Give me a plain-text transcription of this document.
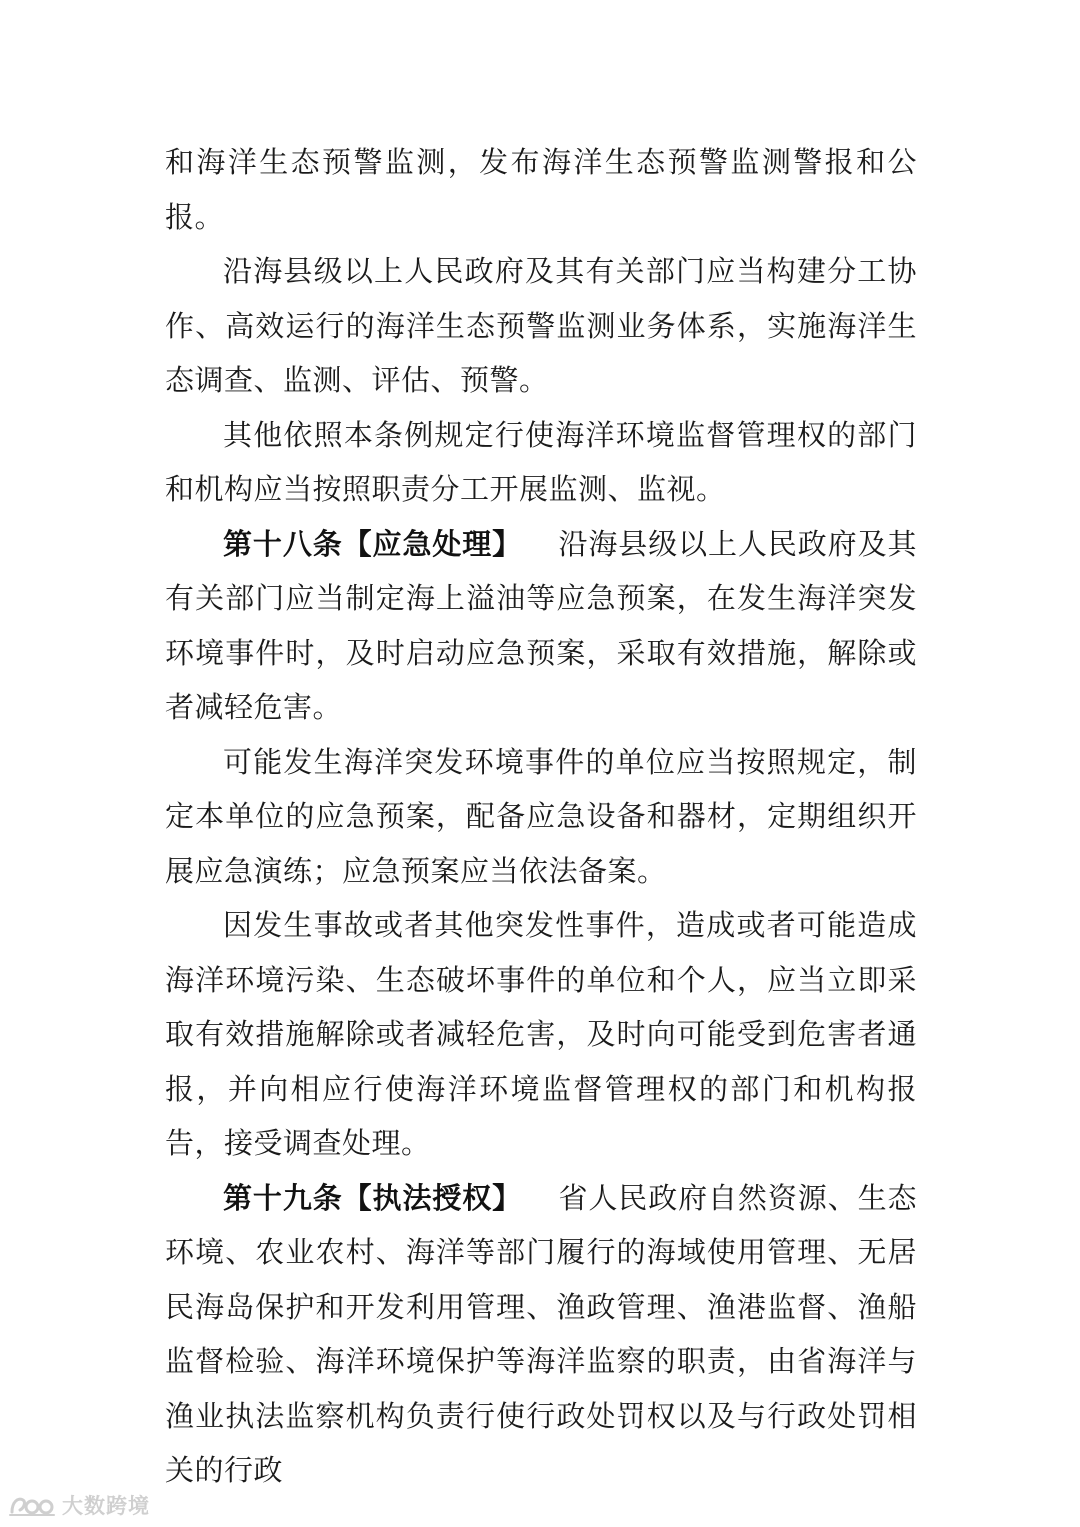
和海洋生态预警监测，发布海洋生态预警监测警报和公报。

沿海县级以上人民政府及其有关部门应当构建分工协作、高效运行的海洋生态预警监测业务体系，实施海洋生态调查、监测、评估、预警。

其他依照本条例规定行使海洋环境监督管理权的部门和机构应当按照职责分工开展监测、监视。

第十八条【应急处理】 沿海县级以上人民政府及其有关部门应当制定海上溢油等应急预案，在发生海洋突发环境事件时，及时启动应急预案，采取有效措施，解除或者减轻危害。

可能发生海洋突发环境事件的单位应当按照规定，制定本单位的应急预案，配备应急设备和器材，定期组织开展应急演练；应急预案应当依法备案。

因发生事故或者其他突发性事件，造成或者可能造成海洋环境污染、生态破坏事件的单位和个人，应当立即采取有效措施解除或者减轻危害，及时向可能受到危害者通报，并向相应行使海洋环境监督管理权的部门和机构报告，接受调查处理。

第十九条【执法授权】 省人民政府自然资源、生态环境、农业农村、海洋等部门履行的海域使用管理、无居民海岛保护和开发利用管理、渔政管理、渔港监督、渔船监督检验、海洋环境保护等海洋监察的职责，由省海洋与渔业执法监察机构负责行使行政处罚权以及与行政处罚相关的行政

大数跨境
